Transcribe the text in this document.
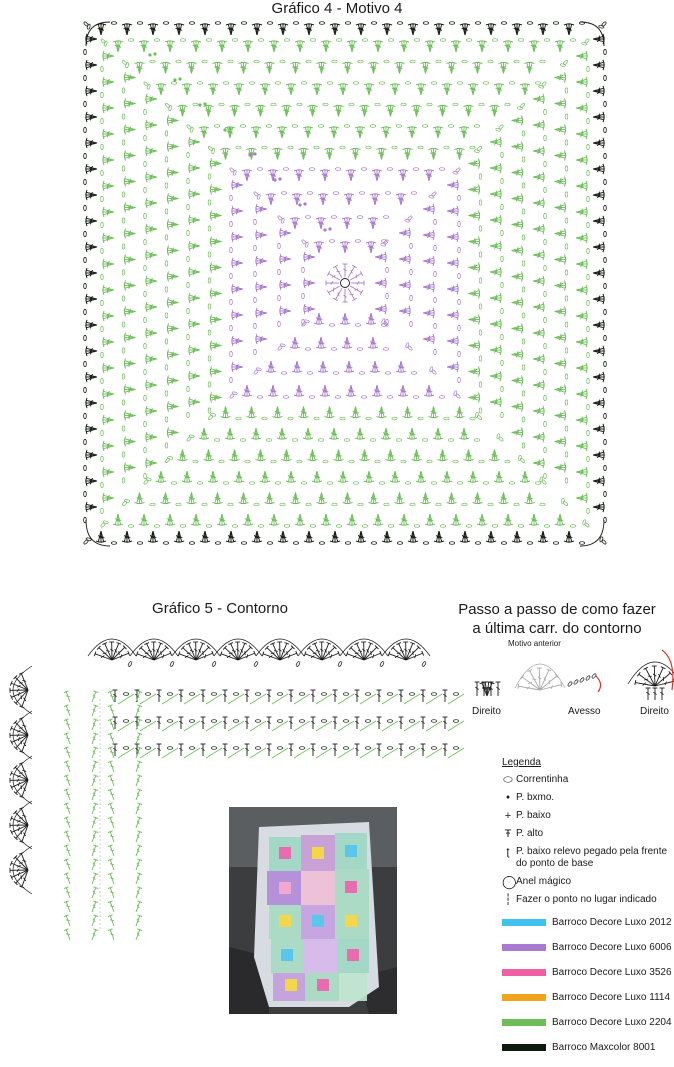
Gráfico 4 - Motivo 4
Gráfico 5 - Contorno	Passo a passo de como fazer
a última carr. do contorno
Motivo anterior
Direito	Avesso	Direito
Legenda
⬭ Correntinha
● P. bxmo.
+ P. baixo
Ŧ P. alto
ʈ P. baixo relevo pegado pela frente do ponto de base
◯ Anel mágico
┆ Fazer o ponto no lugar indicado
Barroco Decore Luxo 2012
Barroco Decore Luxo 6006
Barroco Decore Luxo 3526
Barroco Decore Luxo 1114
Barroco Decore Luxo 2204
Barroco Maxcolor 8001
